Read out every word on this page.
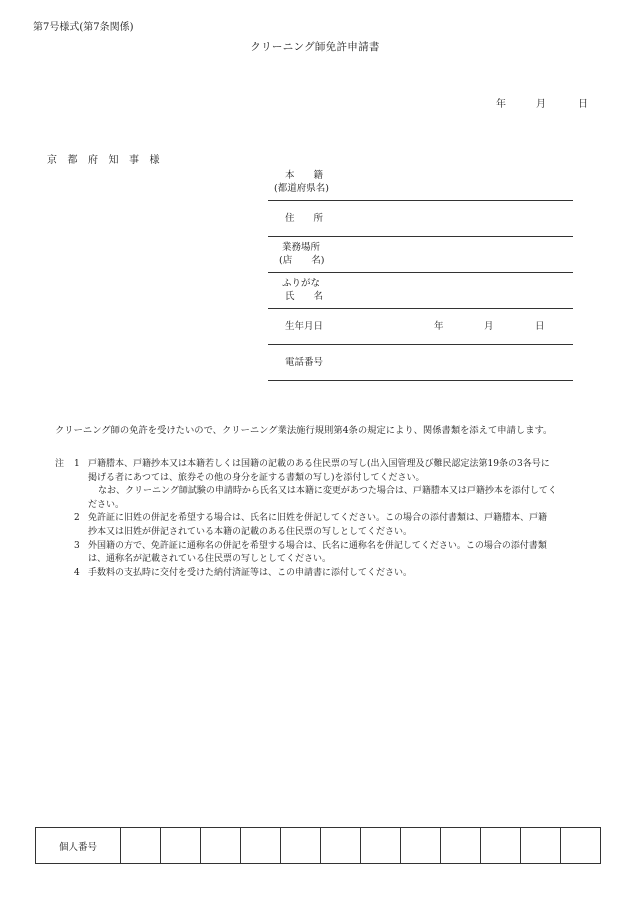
第7号様式(第7条関係)
クリーニング師免許申請書
年	月	日
京都府知事様
本　　籍
(都道府県名)
住　　所
業務場所
(店　　名)
ふりがな
氏　　名
生年月日	年	月	日
電話番号
クリーニング師の免許を受けたいので、クリーニング業法施行規則第4条の規定により、関係書類を添えて申請します。
注 1 戸籍謄本、戸籍抄本又は本籍若しくは国籍の記載のある住民票の写し(出入国管理及び難民認定法第19条の3各号に
掲げる者にあつては、旅券その他の身分を証する書類の写し)を添付してください。
なお、クリーニング師試験の申請時から氏名又は本籍に変更があつた場合は、戸籍謄本又は戸籍抄本を添付してく
ださい。
2 免許証に旧姓の併記を希望する場合は、氏名に旧姓を併記してください。この場合の添付書類は、戸籍謄本、戸籍
抄本又は旧姓が併記されている本籍の記載のある住民票の写しとしてください。
3 外国籍の方で、免許証に通称名の併記を希望する場合は、氏名に通称名を併記してください。この場合の添付書類
は、通称名が記載されている住民票の写しとしてください。
4 手数料の支払時に交付を受けた納付済証等は、この申請書に添付してください。
個人番号												
